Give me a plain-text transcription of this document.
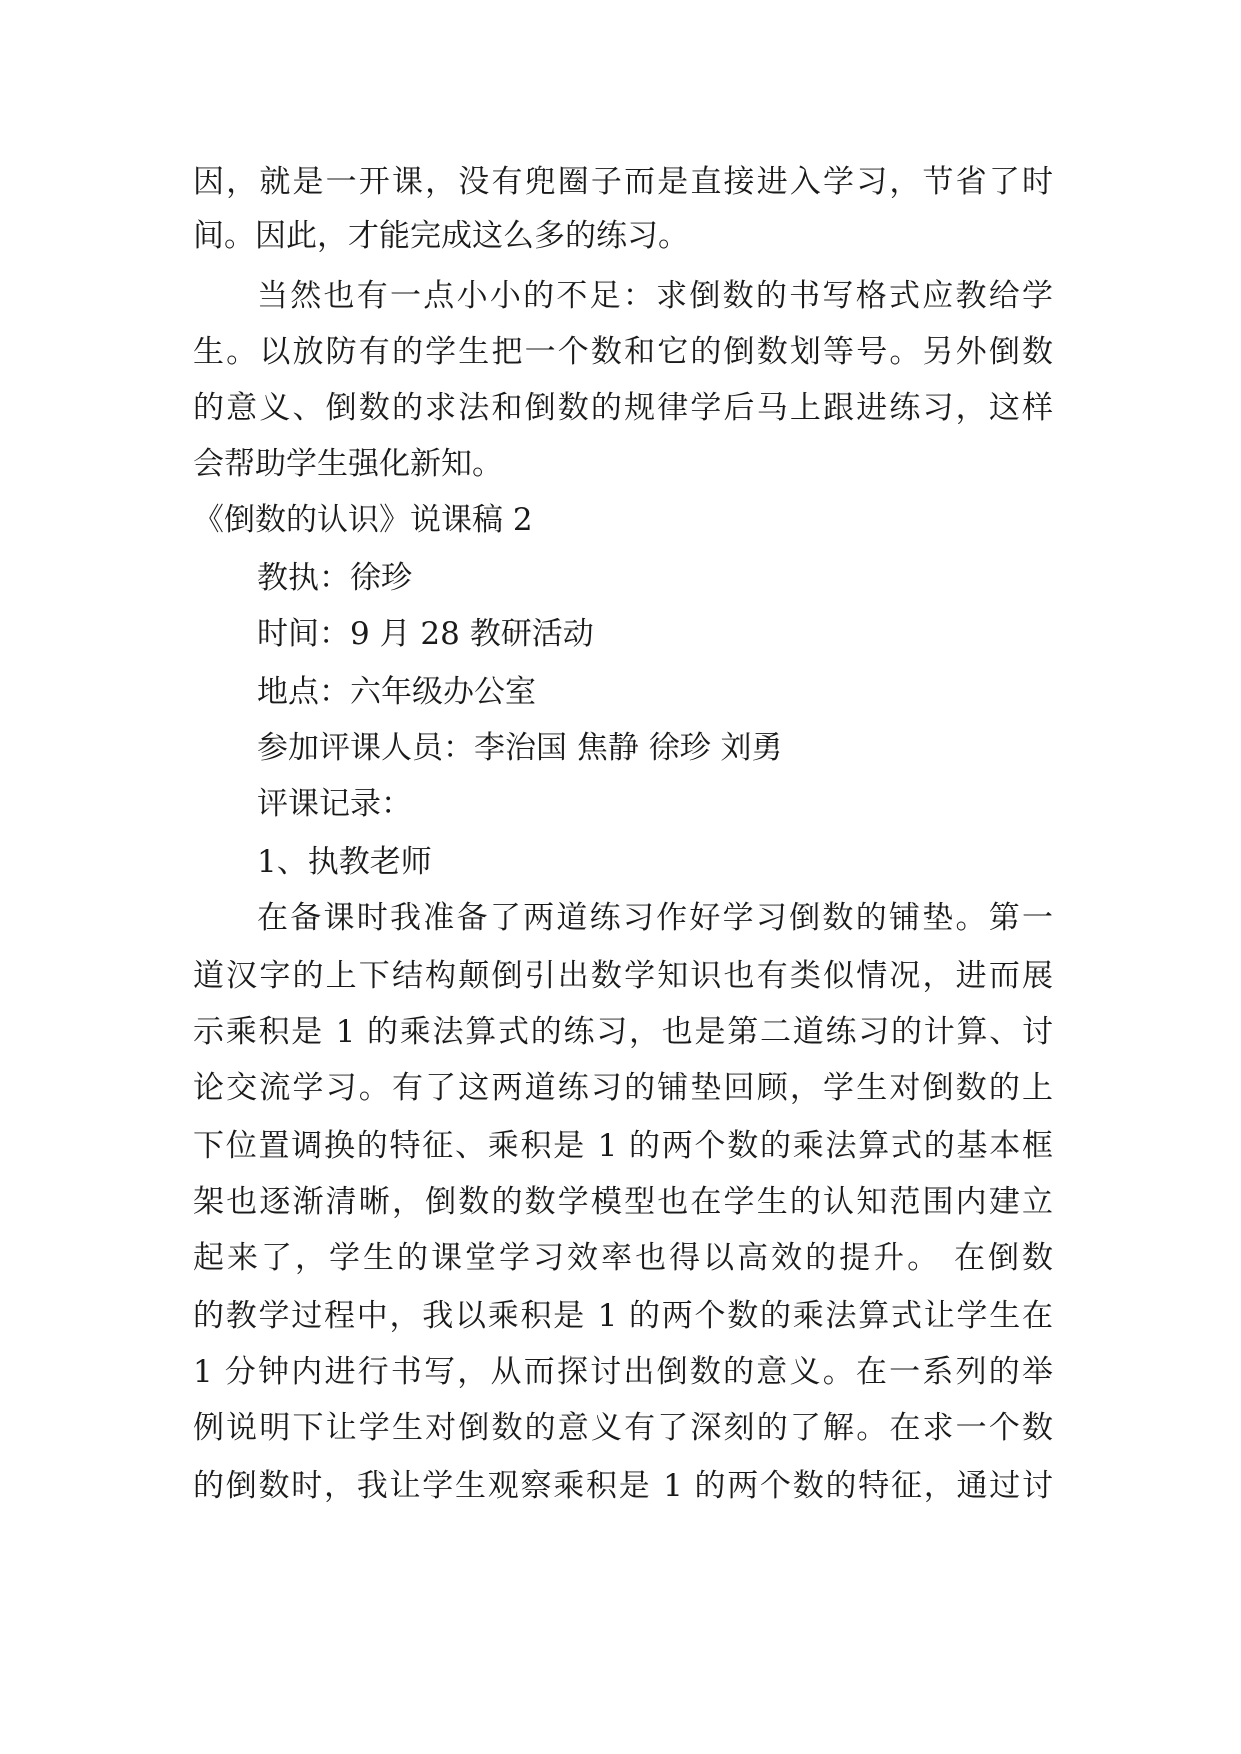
因，就是一开课，没有兜圈子而是直接进入学习，节省了时
间。因此，才能完成这么多的练习。
当然也有一点小小的不足：求倒数的书写格式应教给学
生。以放防有的学生把一个数和它的倒数划等号。另外倒数
的意义、倒数的求法和倒数的规律学后马上跟进练习，这样
会帮助学生强化新知。
《倒数的认识》说课稿 2
教执：徐珍
时间：9 月 28 教研活动
地点：六年级办公室
参加评课人员：李治国 焦静 徐珍 刘勇
评课记录：
1、执教老师
在备课时我准备了两道练习作好学习倒数的铺垫。第一
道汉字的上下结构颠倒引出数学知识也有类似情况，进而展
示乘积是 1 的乘法算式的练习，也是第二道练习的计算、讨
论交流学习。有了这两道练习的铺垫回顾，学生对倒数的上
下位置调换的特征、乘积是 1 的两个数的乘法算式的基本框
架也逐渐清晰，倒数的数学模型也在学生的认知范围内建立
起来了，学生的课堂学习效率也得以高效的提升。 在倒数
的教学过程中，我以乘积是 1 的两个数的乘法算式让学生在
1 分钟内进行书写，从而探讨出倒数的意义。在一系列的举
例说明下让学生对倒数的意义有了深刻的了解。在求一个数
的倒数时，我让学生观察乘积是 1 的两个数的特征，通过讨
